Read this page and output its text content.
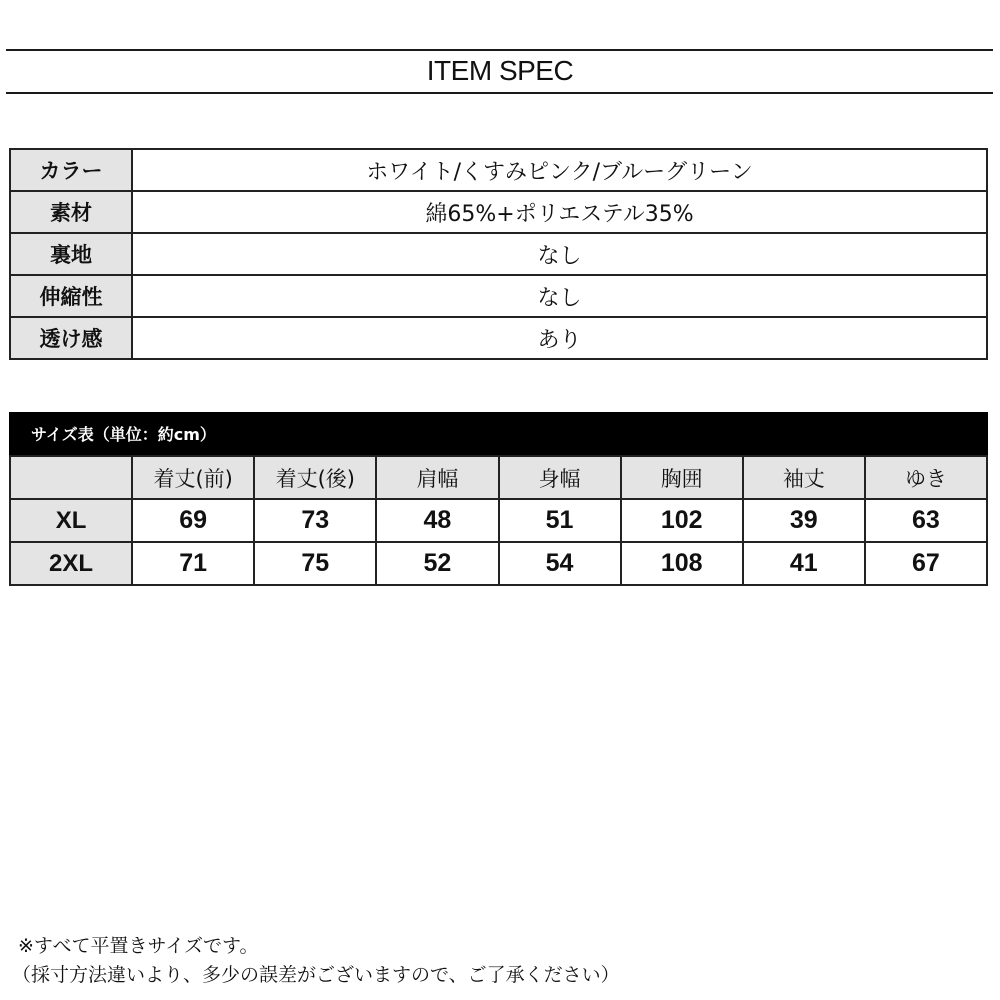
ITEM SPEC
カラー	ホワイト/くすみピンク/ブルーグリーン
素材	綿65%+ポリエステル35%
裏地	なし
伸縮性	なし
透け感	あり
サイズ表（単位：約cm）
	着丈(前)	着丈(後)	肩幅	身幅	胸囲	袖丈	ゆき
XL	69	73	48	51	102	39	63
2XL	71	75	52	54	108	41	67
※すべて平置きサイズです。
（採寸方法違いより、多少の誤差がございますので、ご了承ください）
